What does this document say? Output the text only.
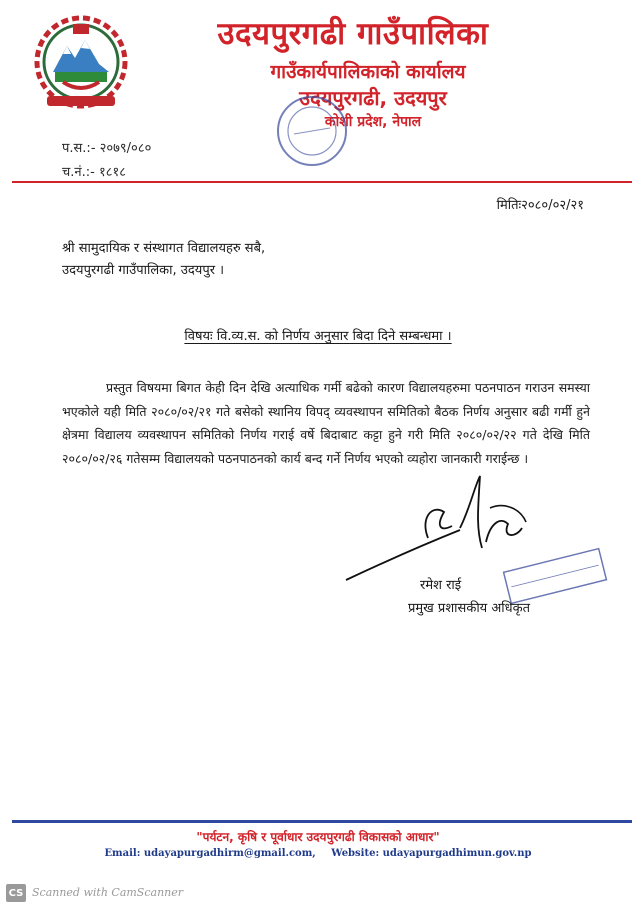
उदयपुरगढी गाउँपालिका
गाउँकार्यपालिकाको कार्यालय
उदयपुरगढी, उदयपुर
कोशी प्रदेश, नेपाल
प.स.:- २०७९/०८०
च.नं.:- १८१८
मितिः२०८०/०२/२१
श्री सामुदायिक र संस्थागत विद्यालयहरु सबै,
उदयपुरगढी गाउँपालिका, उदयपुर ।
विषयः वि.व्य.स. को निर्णय अनुसार बिदा दिने सम्बन्धमा ।
प्रस्तुत विषयमा बिगत केही दिन देखि अत्याधिक गर्मी बढेको कारण विद्यालयहरुमा पठनपाठन गराउन समस्या भएकोले यही मिति २०८०/०२/२१ गते बसेको स्थानिय विपद् व्यवस्थापन समितिको बैठक निर्णय अनुसार बढी गर्मी हुने क्षेत्रमा विद्यालय व्यवस्थापन समितिको निर्णय गराई वर्षे बिदाबाट कट्टा हुने गरी मिति २०८०/०२/२२ गते देखि मिति २०८०/०२/२६ गतेसम्म विद्यालयको पठनपाठनको कार्य बन्द गर्ने निर्णय भएको व्यहोरा जानकारी गराईन्छ ।
रमेश राई
प्रमुख प्रशासकीय अधिकृत
"पर्यटन, कृषि र पूर्वाधार उदयपुरगढी विकासको आधार"
Email: udayapurgadhirm@gmail.com, Website: udayapurgadhimun.gov.np
CS Scanned with CamScanner
